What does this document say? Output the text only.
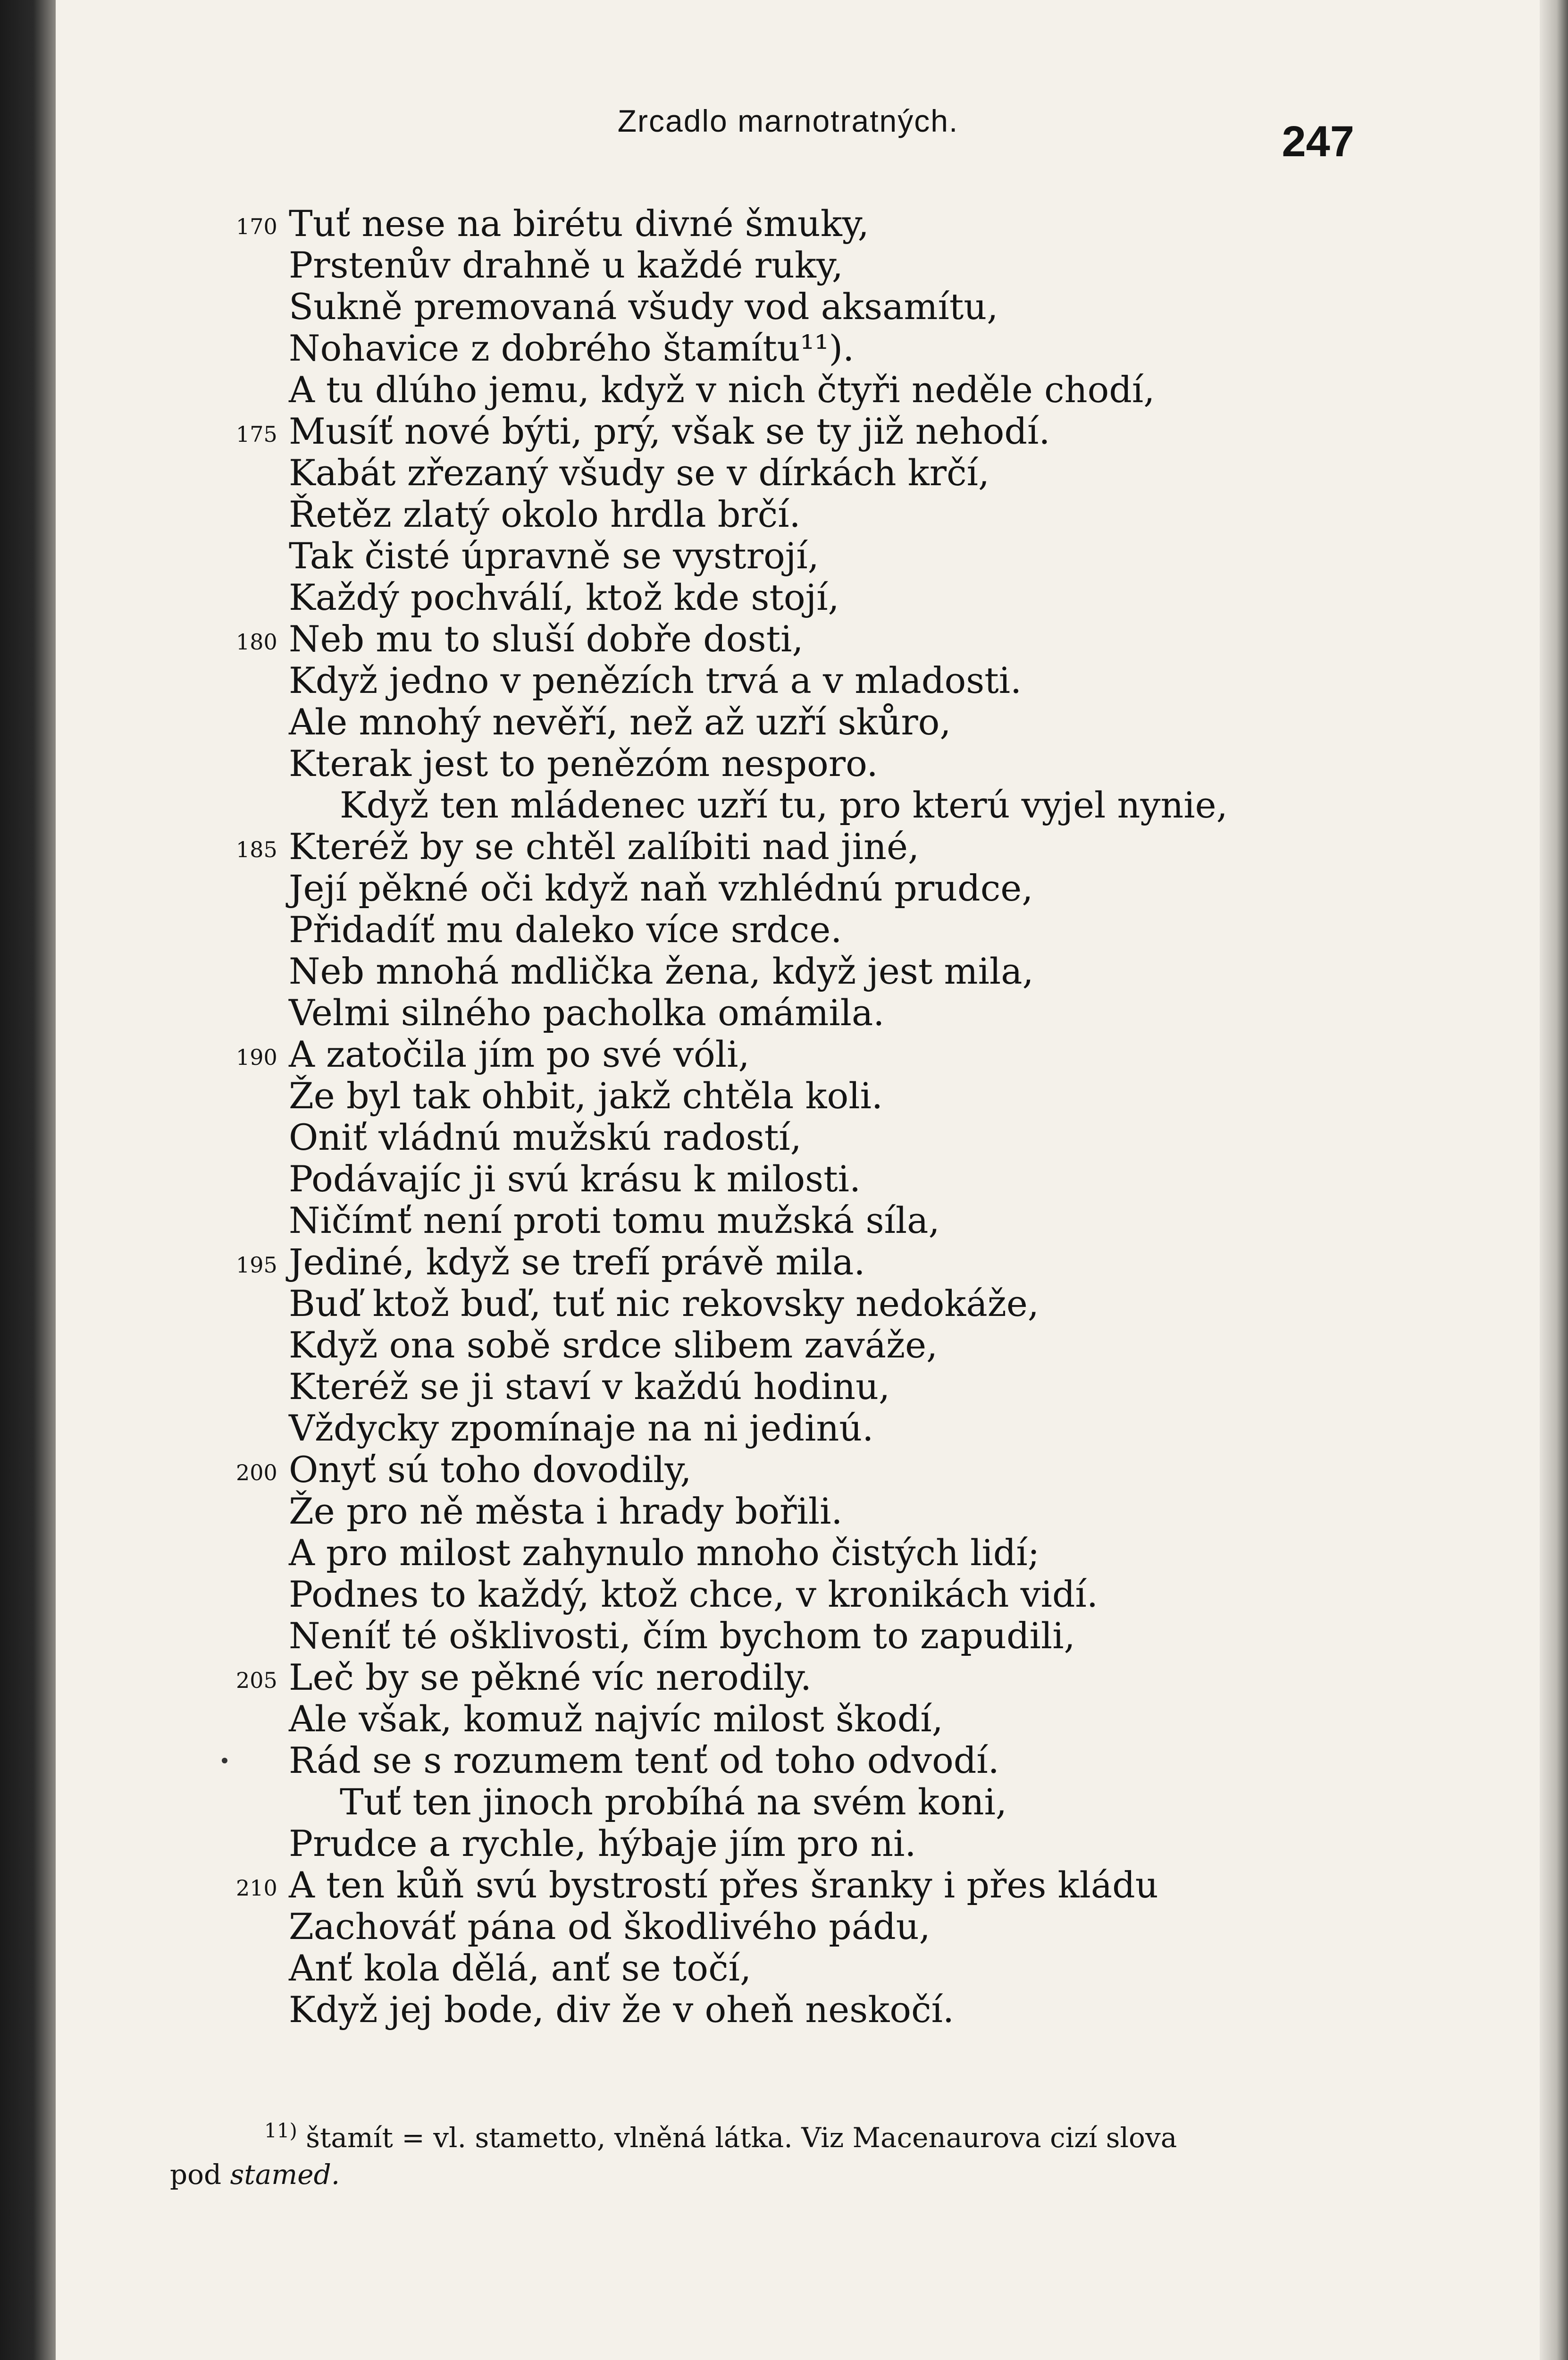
Zrcadlo marnotratných.	247
170 Tuť nese na birétu divné šmuky,
Prstenův drahně u každé ruky,
Sukně premovaná všudy vod aksamítu,
Nohavice z dobrého štamítu¹¹).
A tu dlúho jemu, když v nich čtyři neděle chodí,
175 Musíť nové býti, prý, však se ty již nehodí.
Kabát zřezaný všudy se v dírkách krčí,
Řetěz zlatý okolo hrdla brčí.
Tak čisté úpravně se vystrojí,
Každý pochválí, ktož kde stojí,
180 Neb mu to sluší dobře dosti,
Když jedno v penězích trvá a v mladosti.
Ale mnohý nevěří, než až uzří skůro,
Kterak jest to penězóm nesporo.
Když ten mládenec uzří tu, pro kterú vyjel nynie,
185 Kteréž by se chtěl zalíbiti nad jiné,
Její pěkné oči když naň vzhlédnú prudce,
Přidadíť mu daleko více srdce.
Neb mnohá mdlička žena, když jest mila,
Velmi silného pacholka omámila.
190 A zatočila jím po své vóli,
Že byl tak ohbit, jakž chtěla koli.
Oniť vládnú mužskú radostí,
Podávajíc ji svú krásu k milosti.
Ničímť není proti tomu mužská síla,
195 Jediné, když se trefí právě mila.
Buď ktož buď, tuť nic rekovsky nedokáže,
Když ona sobě srdce slibem zaváže,
Kteréž se ji staví v každú hodinu,
Vždycky zpomínaje na ni jedinú.
200 Onyť sú toho dovodily,
Že pro ně města i hrady bořili.
A pro milost zahynulo mnoho čistých lidí;
Podnes to každý, ktož chce, v kronikách vidí.
Neníť té ošklivosti, čím bychom to zapudili,
205 Leč by se pěkné víc nerodily.
Ale však, komuž najvíc milost škodí,
Rád se s rozumem tenť od toho odvodí.
Tuť ten jinoch probíhá na svém koni,
Prudce a rychle, hýbaje jím pro ni.
210 A ten kůň svú bystrostí přes šranky i přes kládu
Zachováť pána od škodlivého pádu,
Anť kola dělá, anť se točí,
Když jej bode, div že v oheň neskočí.
$^{11)}$ štamít = vl. stametto, vlněná látka. Viz Macenaurova cizí slova
pod stamed.
